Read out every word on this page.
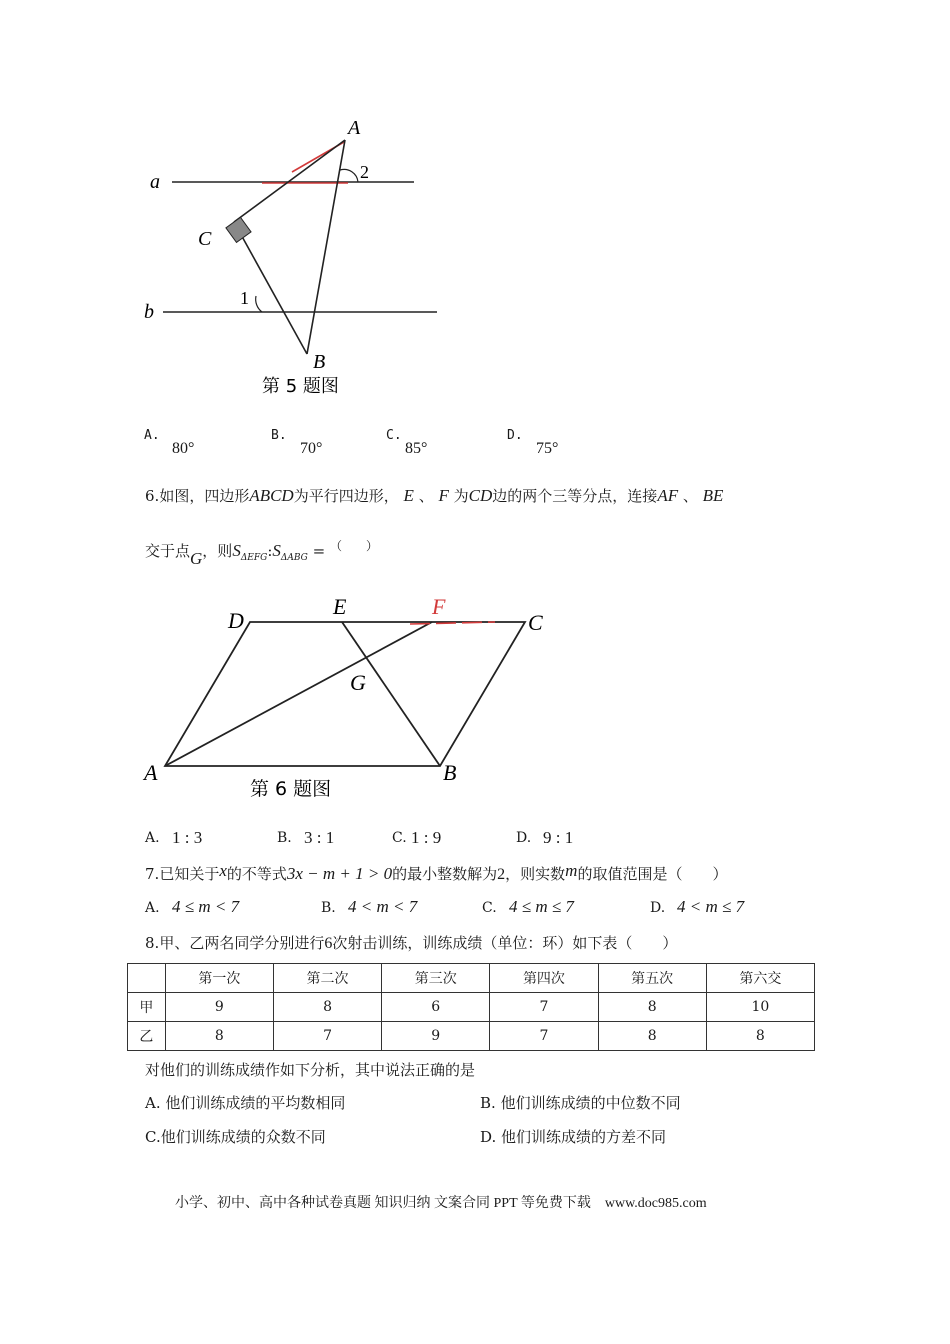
a
b
A
B
C
1
2
第 5 题图
A.
80°
B.
70°
C.
85°
D.
75°
6.如图，四边形ABCD为平行四边形， E 、 F 为CD边的两个三等分点，连接AF 、 BE
交于点G，则$S_{\Delta EFG}:S_{\Delta ABG} = ^{( )}$
D
E	F
C
G
A	B
第 6 题图
A. 1 : 3	B. 3 : 1	C. 1 : 9	D. 9 : 1
7.已知关于x的不等式3x − m + 1 > 0的最小整数解为2，则实数m的取值范围是（　　）
A. 4 ≤ m < 7	B. 4 < m < 7	C. 4 ≤ m ≤ 7	D. 4 < m ≤ 7
8.甲、乙两名同学分别进行6次射击训练，训练成绩（单位：环）如下表（　　）
	第一次	第二次	第三次	第四次	第五次	第六交
甲	9	8	6	7	8	10
乙	8	7	9	7	8	8
对他们的训练成绩作如下分析，其中说法正确的是
A. 他们训练成绩的平均数相同	B. 他们训练成绩的中位数不同
C.他们训练成绩的众数不同	D. 他们训练成绩的方差不同
小学、初中、高中各种试卷真题 知识归纳 文案合同 PPT 等免费下载　www.doc985.com
